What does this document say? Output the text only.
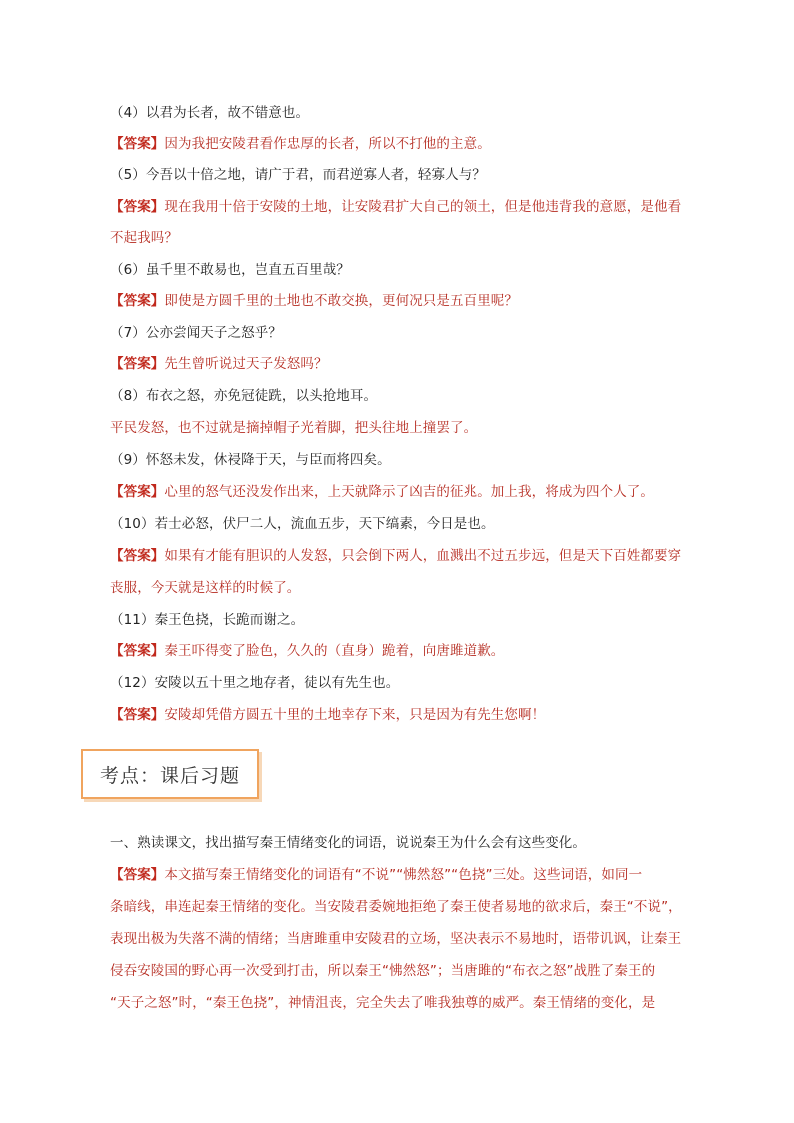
（4）以君为长者，故不错意也。
【答案】因为我把安陵君看作忠厚的长者，所以不打他的主意。
（5）今吾以十倍之地，请广于君，而君逆寡人者，轻寡人与？
【答案】现在我用十倍于安陵的土地，让安陵君扩大自己的领土，但是他违背我的意愿，是他看
不起我吗？
（6）虽千里不敢易也，岂直五百里哉？
【答案】即使是方圆千里的土地也不敢交换，更何况只是五百里呢？
（7）公亦尝闻天子之怒乎？
【答案】先生曾听说过天子发怒吗？
（8）布衣之怒，亦免冠徒跣，以头抢地耳。
平民发怒，也不过就是摘掉帽子光着脚，把头往地上撞罢了。
（9）怀怒未发，休祲降于天，与臣而将四矣。
【答案】心里的怒气还没发作出来，上天就降示了凶吉的征兆。加上我，将成为四个人了。
（10）若士必怒，伏尸二人，流血五步，天下缟素，今日是也。
【答案】如果有才能有胆识的人发怒，只会倒下两人，血溅出不过五步远，但是天下百姓都要穿
丧服，今天就是这样的时候了。
（11）秦王色挠，长跪而谢之。
【答案】秦王吓得变了脸色，久久的（直身）跪着，向唐雎道歉。
（12）安陵以五十里之地存者，徒以有先生也。
【答案】安陵却凭借方圆五十里的土地幸存下来，只是因为有先生您啊！
考点：课后习题
一、熟读课文，找出描写秦王情绪变化的词语，说说秦王为什么会有这些变化。
【答案】本文描写秦王情绪变化的词语有“不说”“怫然怒”“色挠”三处。这些词语，如同一
条暗线，串连起秦王情绪的变化。当安陵君委婉地拒绝了秦王使者易地的欲求后，秦王“不说”，
表现出极为失落不满的情绪；当唐雎重申安陵君的立场，坚决表示不易地时，语带讥讽，让秦王
侵吞安陵国的野心再一次受到打击，所以秦王“怫然怒”；当唐雎的“布衣之怒”战胜了秦王的
“天子之怒”时，“秦王色挠”，神情沮丧，完全失去了唯我独尊的威严。秦王情绪的变化，是
